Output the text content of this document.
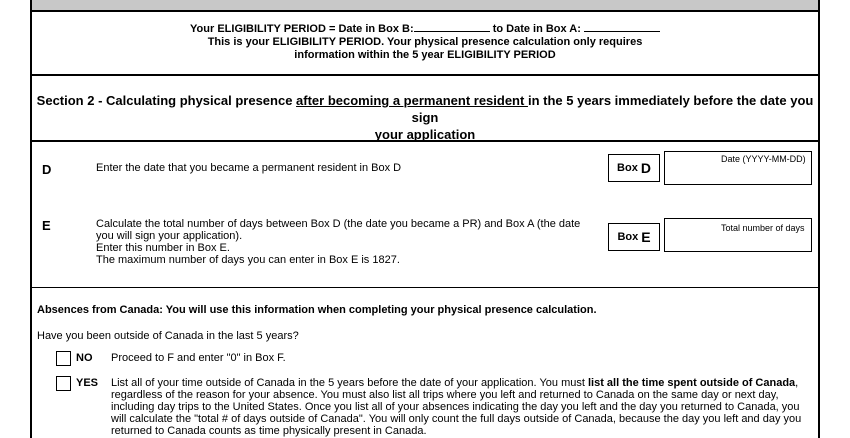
Your ELIGIBILITY PERIOD = Date in Box B:	to Date in Box A:
This is your ELIGIBILITY PERIOD. Your physical presence calculation only requires
information within the 5 year ELIGIBILITY PERIOD
Section 2 - Calculating physical presence after becoming a permanent resident in the 5 years immediately before the date you sign
your application
D	Enter the date that you became a permanent resident in Box D	Box D
Date (YYYY-MM-DD)
E	Calculate the total number of days between Box D (the date you became a PR) and Box A (the date
you will sign your application).
Enter this number in Box E.
The maximum number of days you can enter in Box E is 1827.
Box E
Total number of days
Absences from Canada: You will use this information when completing your physical presence calculation.
Have you been outside of Canada in the last 5 years?
NO Proceed to F and enter "0" in Box F.
YES List all of your time outside of Canada in the 5 years before the date of your application. You must list all the time spent outside of Canada,
regardless of the reason for your absence. You must also list all trips where you left and returned to Canada on the same day or next day,
including day trips to the United States. Once you list all of your absences indicating the day you left and the day you returned to Canada, you
will calculate the "total # of days outside of Canada". You will only count the full days outside of Canada, because the day you left and day you
returned to Canada counts as time physically present in Canada.
